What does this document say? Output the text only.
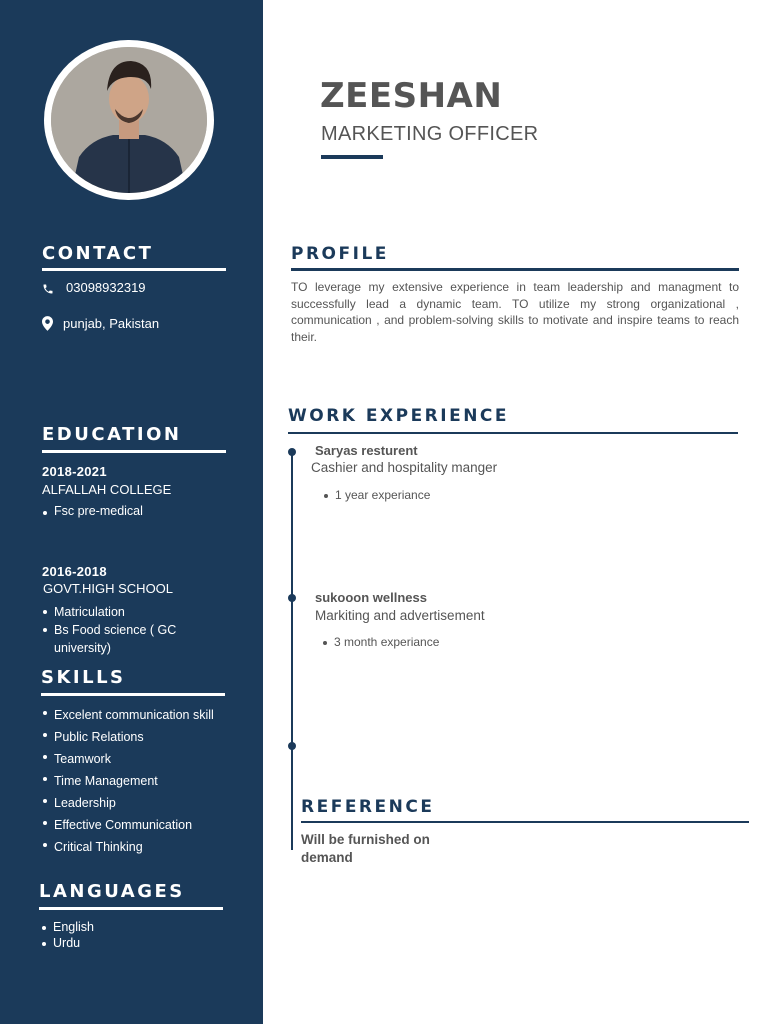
CONTACT
03098932319
punjab, Pakistan
EDUCATION
2018-2021
ALFALLAH COLLEGE
Fsc pre-medical
2016-2018
GOVT.HIGH SCHOOL
Matriculation
Bs Food science ( GC university)
SKILLS
Excelent communication skill
Public Relations
Teamwork
Time Management
Leadership
Effective Communication
Critical Thinking
LANGUAGES
English
Urdu
ZEESHAN
MARKETING OFFICER
PROFILE
TO leverage my extensive experience in team leadership and managment to successfully lead a dynamic team. TO utilize my strong organizational , communication , and problem-solving skills to motivate and inspire teams to reach their.
WORK EXPERIENCE
Saryas resturent
Cashier and hospitality manger
1 year experiance
sukooon wellness
Markiting and advertisement
3 month experiance
REFERENCE
Will be furnished on demand
